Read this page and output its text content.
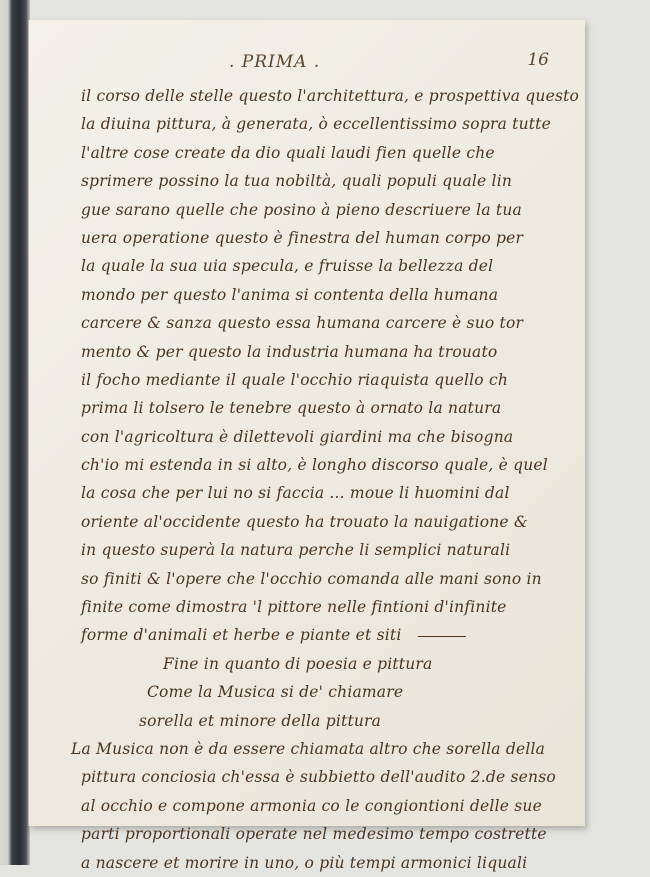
. PRIMA .	16
il corso delle stelle questo l'architettura, e prospettiva questo
la diuina pittura, à generata, ò eccellentissimo sopra tutte
l'altre cose create da dio quali laudi fien quelle che
sprimere possino la tua nobiltà, quali populi quale lin
gue sarano quelle che posino à pieno descriuere la tua
uera operatione questo è finestra del human corpo per
la quale la sua uia specula, e fruisse la bellezza del
mondo per questo l'anima si contenta della humana
carcere & sanza questo essa humana carcere è suo tor
mento & per questo la industria humana ha trouato
il focho mediante il quale l'occhio riaquista quello ch
prima li tolsero le tenebre questo à ornato la natura
con l'agricoltura è dilettevoli giardini ma che bisogna
ch'io mi estenda in si alto, è longho discorso quale, è quel
la cosa che per lui no si faccia ... moue li huomini dal
oriente al'occidente questo ha trouato la nauigatione &
in questo superà la natura perche li semplici naturali
so finiti & l'opere che l'occhio comanda alle mani sono in
finite come dimostra 'l pittore nelle fintioni d'infinite
forme d'animali et herbe e piante et siti
Fine in quanto di poesia e pittura
Come la Musica si de' chiamare
sorella et minore della pittura
La Musica non è da essere chiamata altro che sorella della
pittura conciosia ch'essa è subbietto dell'audito 2.de senso
al occhio e compone armonia co le congiontioni delle sue
parti proportionali operate nel medesimo tempo costrette
a nascere et morire in uno, o più tempi armonici liquali
